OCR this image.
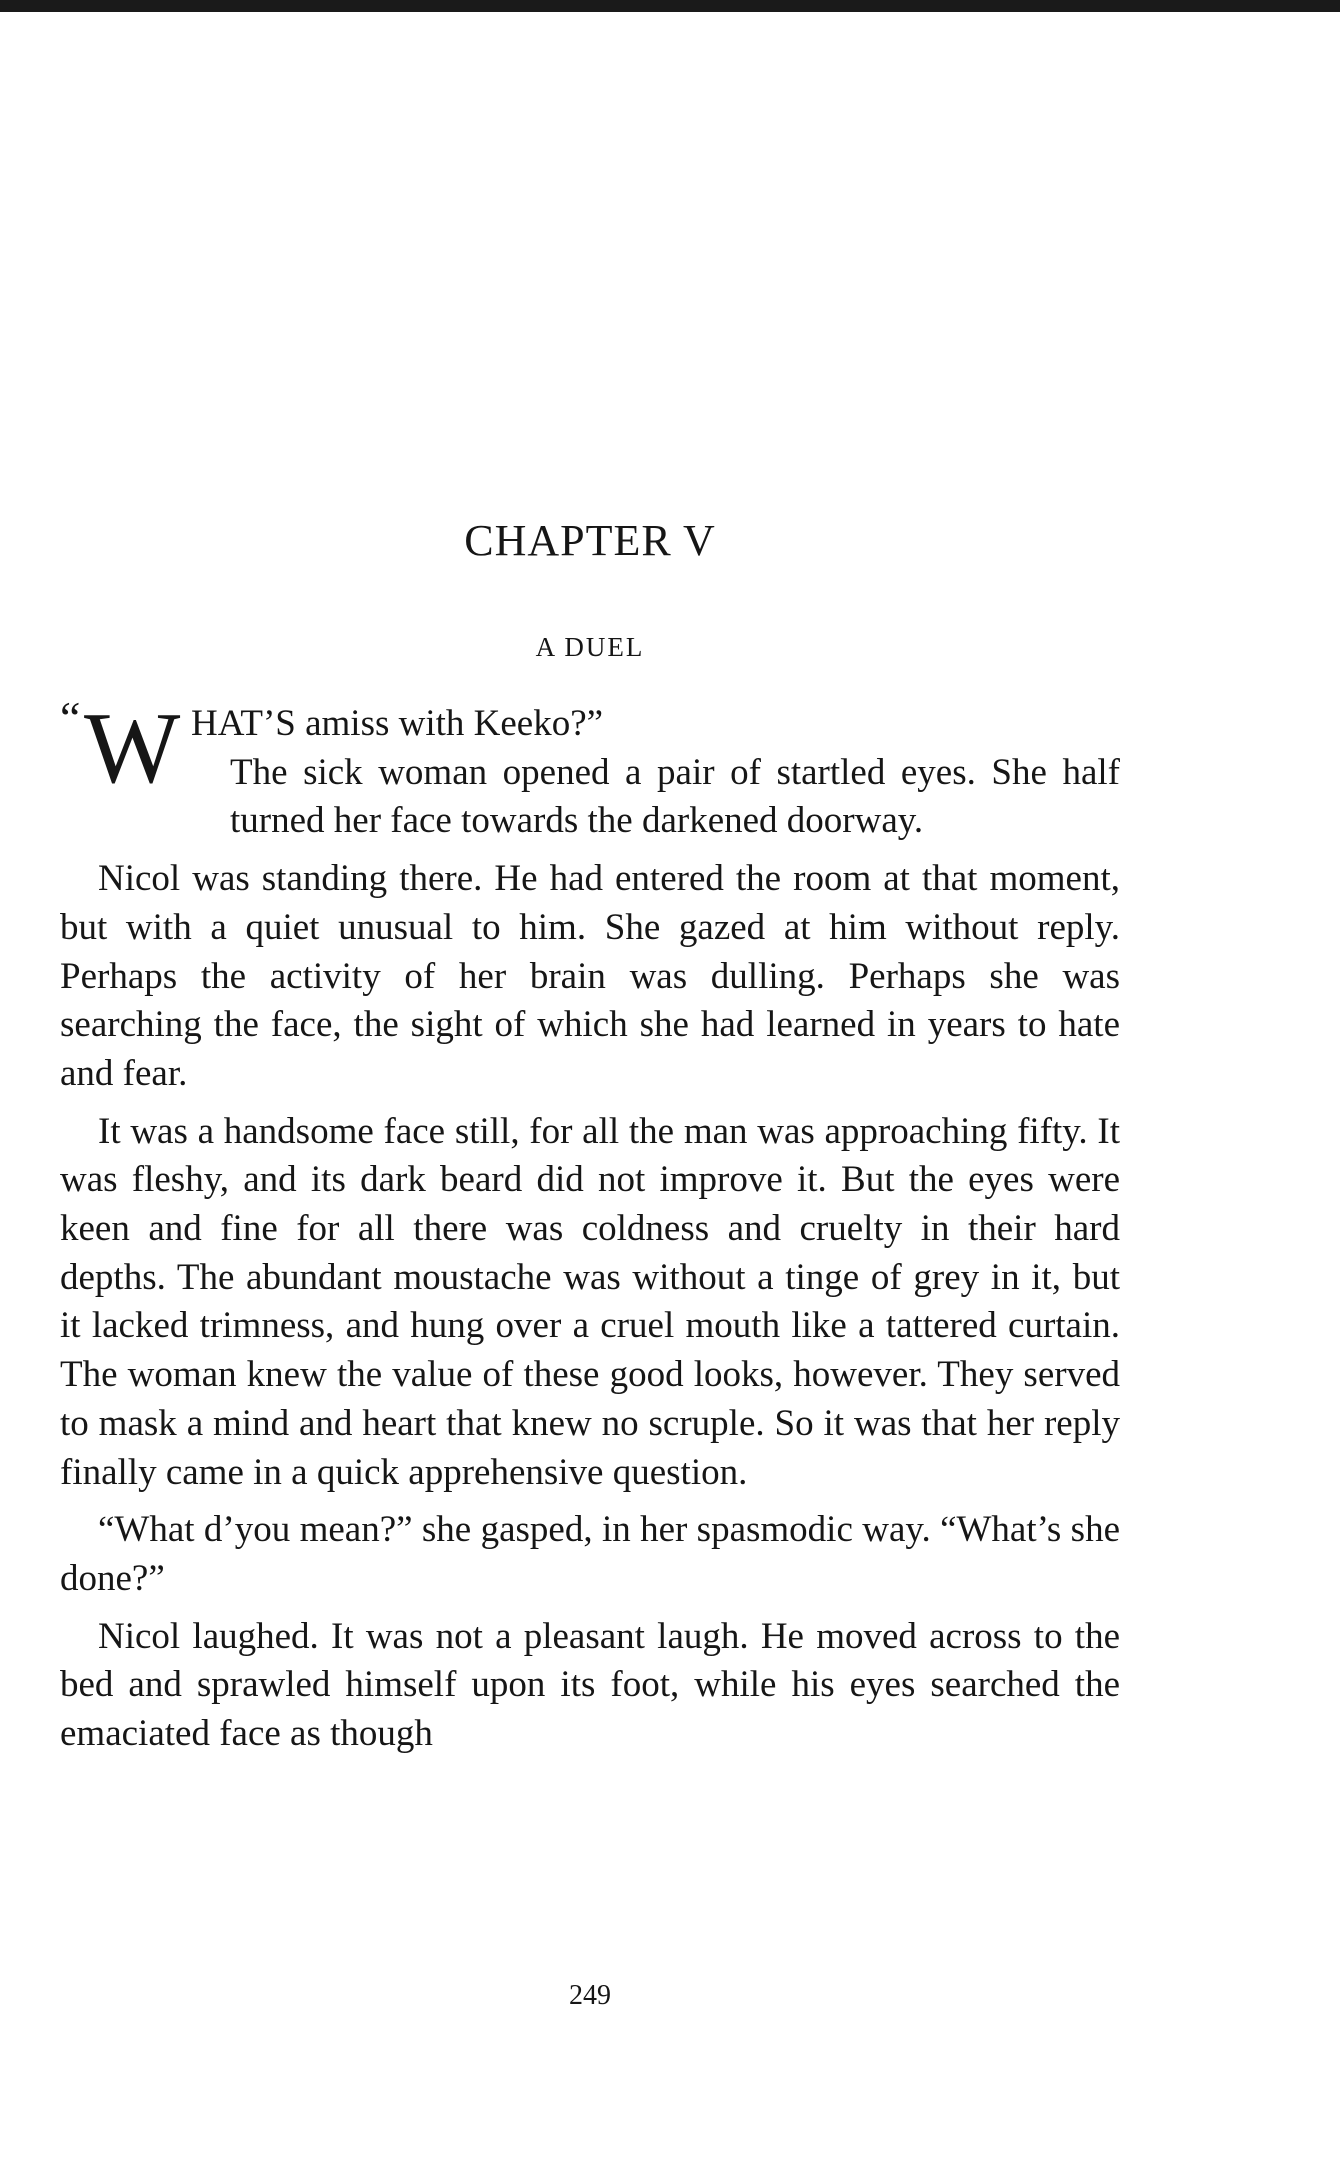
CHAPTER V
A DUEL
“ W HAT’S amiss with Keeko?”
The sick woman opened a pair of startled eyes. She half turned her face towards the darkened doorway.

Nicol was standing there. He had entered the room at that moment, but with a quiet unusual to him. She gazed at him without reply. Perhaps the activity of her brain was dulling. Perhaps she was searching the face, the sight of which she had learned in years to hate and fear.

It was a handsome face still, for all the man was approaching fifty. It was fleshy, and its dark beard did not improve it. But the eyes were keen and fine for all there was coldness and cruelty in their hard depths. The abundant moustache was without a tinge of grey in it, but it lacked trimness, and hung over a cruel mouth like a tattered curtain. The woman knew the value of these good looks, however. They served to mask a mind and heart that knew no scruple. So it was that her reply finally came in a quick apprehensive question.

“What d’you mean?” she gasped, in her spasmodic way. “What’s she done?”

Nicol laughed. It was not a pleasant laugh. He moved across to the bed and sprawled himself upon its foot, while his eyes searched the emaciated face as though

249
